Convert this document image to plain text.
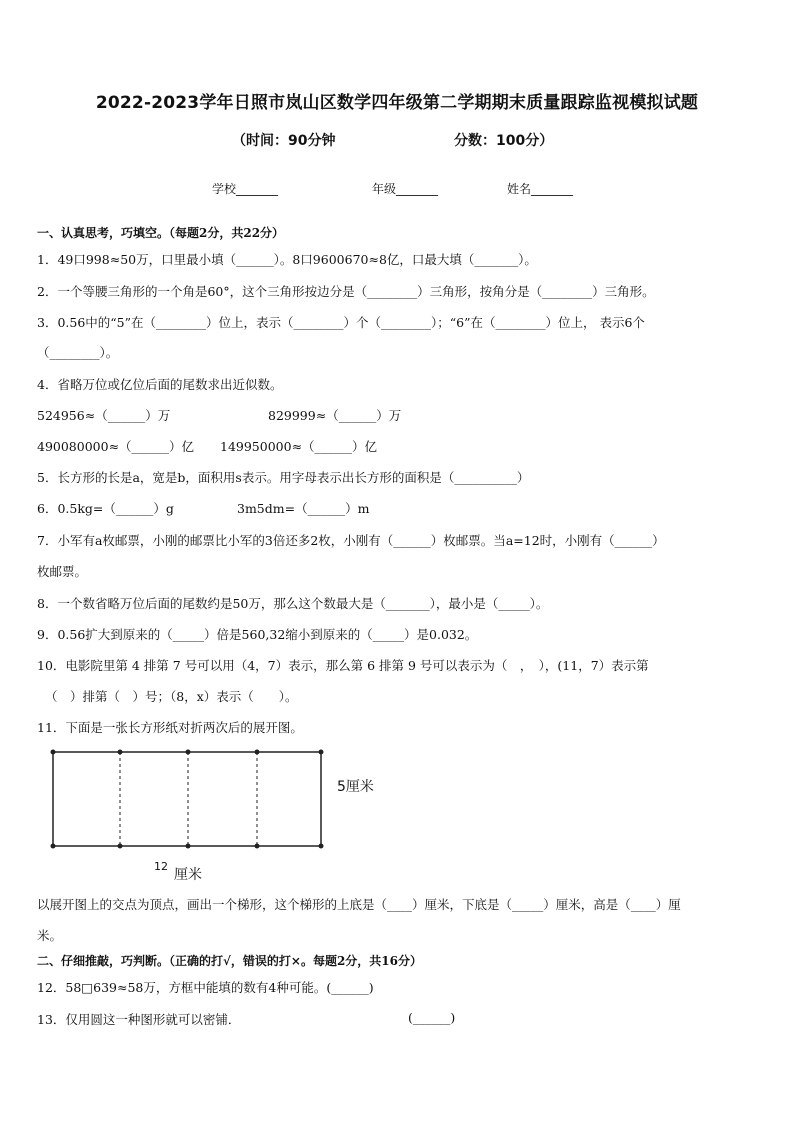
2022-2023学年日照市岚山区数学四年级第二学期期末质量跟踪监视模拟试题
（时间：90分钟	分数：100分）
学校_______	年级_______	姓名_______
一、认真思考，巧填空。（每题2分，共22分）
1．49口998≈50万，口里最小填（______）。8口9600670≈8亿，口最大填（_______）。
2．一个等腰三角形的一个角是60°，这个三角形按边分是（________）三角形，按角分是（________）三角形。
3．0.56中的“5”在（________）位上，表示（________）个（________）；“6”在（________）位上， 表示6个
（________）。
4．省略万位或亿位后面的尾数求出近似数。
524956≈（______）万	829999≈（______）万
490080000≈（______）亿 149950000≈（______）亿
5．长方形的长是a，宽是b，面积用s表示。用字母表示出长方形的面积是（__________）
6．0.5kg=（______）g	3m5dm=（______）m
7．小军有a枚邮票，小刚的邮票比小军的3倍还多2枚，小刚有（______）枚邮票。当a=12时，小刚有（______）
枚邮票。
8．一个数省略万位后面的尾数约是50万，那么这个数最大是（_______），最小是（_____）。
9．0.56扩大到原来的（_____）倍是560,32缩小到原来的（_____）是0.032。
10．电影院里第 4 排第 7 号可以用（4，7）表示，那么第 6 排第 9 号可以表示为（　，　），(11，7）表示第
（　）排第（　）号；（8，x）表示（　　）。
11．下面是一张长方形纸对折两次后的展开图。
5厘米
12
厘米
以展开图上的交点为顶点，画出一个梯形，这个梯形的上底是（____）厘米，下底是（_____）厘米，高是（____）厘
米。
二、仔细推敲，巧判断。（正确的打√，错误的打×。每题2分，共16分）
12．58□639≈58万，方框中能填的数有4种可能。(______)
13．仅用圆这一种图形就可以密铺．	(______)
